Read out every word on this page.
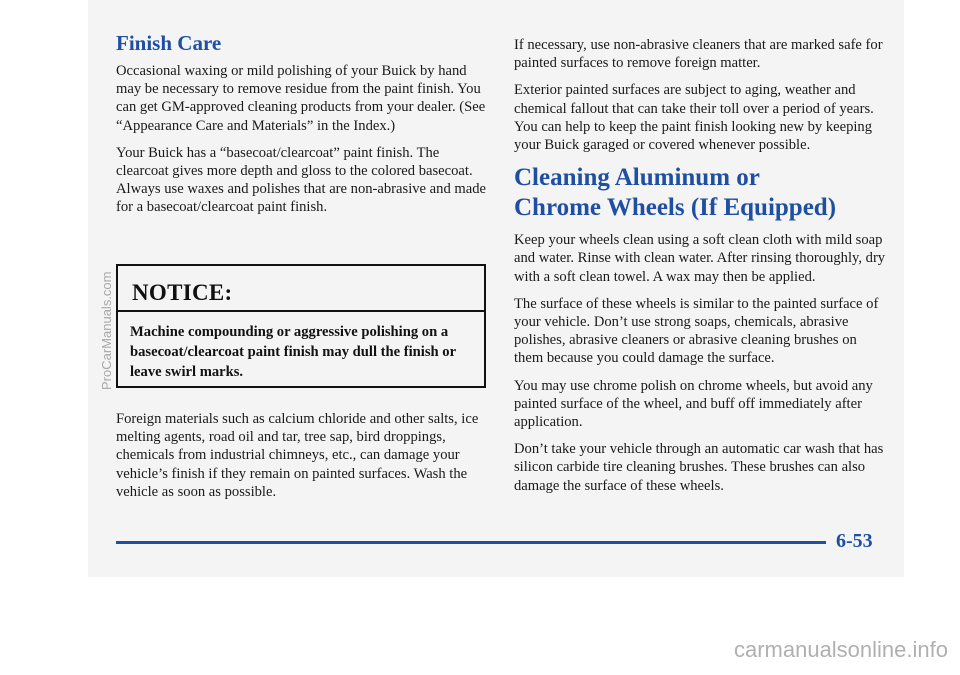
Finish Care

Occasional waxing or mild polishing of your Buick by hand may be necessary to remove residue from the paint finish. You can get GM-approved cleaning products from your dealer. (See “Appearance Care and Materials” in the Index.)

Your Buick has a “basecoat/clearcoat” paint finish. The clearcoat gives more depth and gloss to the colored basecoat. Always use waxes and polishes that are non-abrasive and made for a basecoat/clearcoat paint finish.

NOTICE:
Machine compounding or aggressive polishing on a basecoat/clearcoat paint finish may dull the finish or leave swirl marks.
Foreign materials such as calcium chloride and other salts, ice melting agents, road oil and tar, tree sap, bird droppings, chemicals from industrial chimneys, etc., can damage your vehicle’s finish if they remain on painted surfaces. Wash the vehicle as soon as possible.

If necessary, use non-abrasive cleaners that are marked safe for painted surfaces to remove foreign matter.

Exterior painted surfaces are subject to aging, weather and chemical fallout that can take their toll over a period of years. You can help to keep the paint finish looking new by keeping your Buick garaged or covered whenever possible.

Cleaning Aluminum or
Chrome Wheels (If Equipped)

Keep your wheels clean using a soft clean cloth with mild soap and water. Rinse with clean water. After rinsing thoroughly, dry with a soft clean towel. A wax may then be applied.

The surface of these wheels is similar to the painted surface of your vehicle. Don’t use strong soaps, chemicals, abrasive polishes, abrasive cleaners or abrasive cleaning brushes on them because you could damage the surface.

You may use chrome polish on chrome wheels, but avoid any painted surface of the wheel, and buff off immediately after application.

Don’t take your vehicle through an automatic car wash that has silicon carbide tire cleaning brushes. These brushes can also damage the surface of these wheels.

6-53
ProCarManuals.com
carmanualsonline.info
